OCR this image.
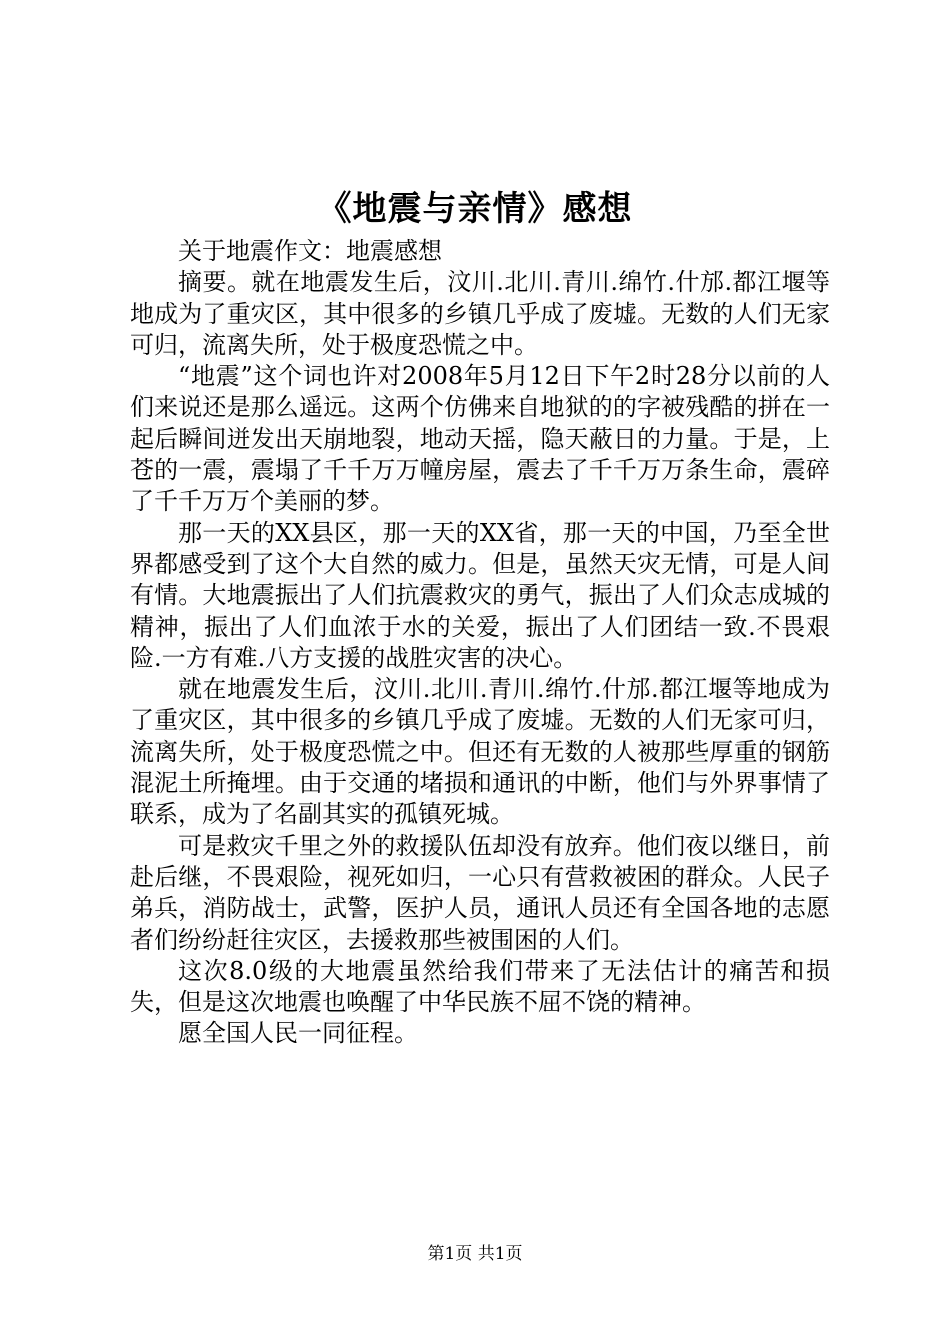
《地震与亲情》感想

关于地震作文：地震感想

摘要。就在地震发生后，汶川.北川.青川.绵竹.什邡.都江堰等地成为了重灾区，其中很多的乡镇几乎成了废墟。无数的人们无家可归，流离失所，处于极度恐慌之中。

“地震”这个词也许对2008年5月12日下午2时28分以前的人们来说还是那么遥远。这两个仿佛来自地狱的的字被残酷的拼在一起后瞬间迸发出天崩地裂，地动天摇，隐天蔽日的力量。于是，上苍的一震，震塌了千千万万幢房屋，震去了千千万万条生命，震碎了千千万万个美丽的梦。

那一天的XX县区，那一天的XX省，那一天的中国，乃至全世界都感受到了这个大自然的威力。但是，虽然天灾无情，可是人间有情。大地震振出了人们抗震救灾的勇气，振出了人们众志成城的精神，振出了人们血浓于水的关爱，振出了人们团结一致.不畏艰险.一方有难.八方支援的战胜灾害的决心。

就在地震发生后，汶川.北川.青川.绵竹.什邡.都江堰等地成为了重灾区，其中很多的乡镇几乎成了废墟。无数的人们无家可归，流离失所，处于极度恐慌之中。但还有无数的人被那些厚重的钢筋混泥土所掩埋。由于交通的堵损和通讯的中断，他们与外界事情了联系，成为了名副其实的孤镇死城。

可是救灾千里之外的救援队伍却没有放弃。他们夜以继日，前赴后继，不畏艰险，视死如归，一心只有营救被困的群众。人民子弟兵，消防战士，武警，医护人员，通讯人员还有全国各地的志愿者们纷纷赶往灾区，去援救那些被围困的人们。

这次8.0级的大地震虽然给我们带来了无法估计的痛苦和损失，但是这次地震也唤醒了中华民族不屈不饶的精神。

愿全国人民一同征程。

第1页 共1页
